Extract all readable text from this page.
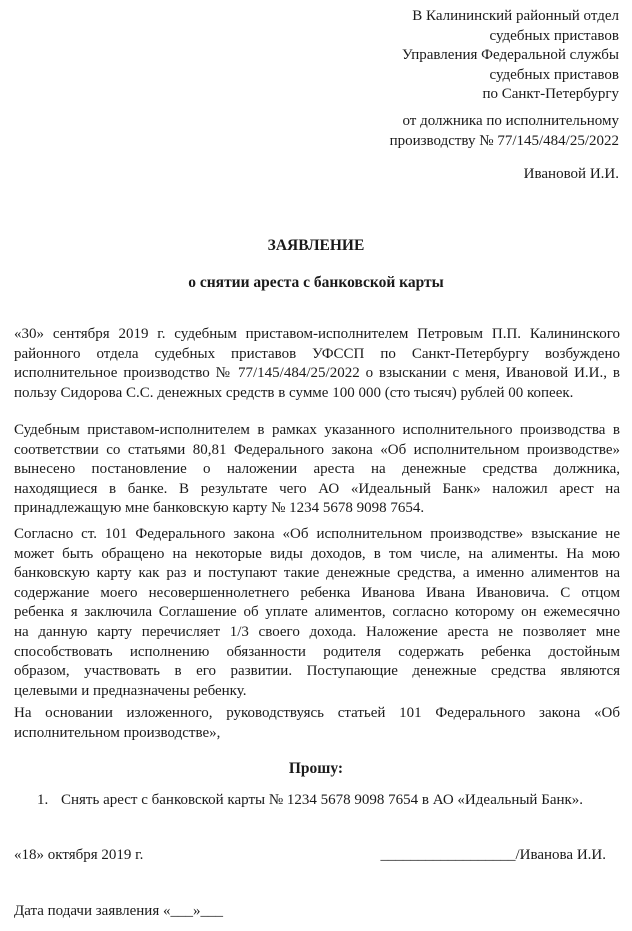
В Калининский районный отдел
судебных приставов
Управления Федеральной службы
судебных приставов
по Санкт-Петербургу
от должника по исполнительному
производству № 77/145/484/25/2022
Ивановой И.И.
ЗАЯВЛЕНИЕ
о снятии ареста с банковской карты
«30» сентября 2019 г. судебным приставом-исполнителем Петровым П.П. Калининского
районного отдела судебных приставов УФССП по Санкт-Петербургу возбуждено
исполнительное производство № 77/145/484/25/2022 о взыскании с меня, Ивановой И.И., в
пользу Сидорова С.С. денежных средств в сумме 100 000 (сто тысяч) рублей 00 копеек.
Судебным приставом-исполнителем в рамках указанного исполнительного производства в
соответствии со статьями 80,81 Федерального закона «Об исполнительном производстве»
вынесено постановление о наложении ареста на денежные средства должника,
находящиеся в банке. В результате чего АО «Идеальный Банк» наложил арест на
принадлежащую мне банковскую карту № 1234 5678 9098 7654.
Согласно ст. 101 Федерального закона «Об исполнительном производстве» взыскание не
может быть обращено на некоторые виды доходов, в том числе, на алименты. На мою
банковскую карту как раз и поступают такие денежные средства, а именно алиментов на
содержание моего несовершеннолетнего ребенка Иванова Ивана Ивановича. С отцом
ребенка я заключила Соглашение об уплате алиментов, согласно которому он ежемесячно
на данную карту перечисляет 1/3 своего дохода. Наложение ареста не позволяет мне
способствовать исполнению обязанности родителя содержать ребенка достойным
образом, участвовать в его развитии. Поступающие денежные средства являются
целевыми и предназначены ребенку.
На основании изложенного, руководствуясь статьей 101 Федерального закона «Об
исполнительном производстве»,
Прошу:
1. Снять арест с банковской карты № 1234 5678 9098 7654 в АО «Идеальный Банк».
«18» октября 2019 г.	__________________/Иванова И.И.
Дата подачи заявления «___»___
